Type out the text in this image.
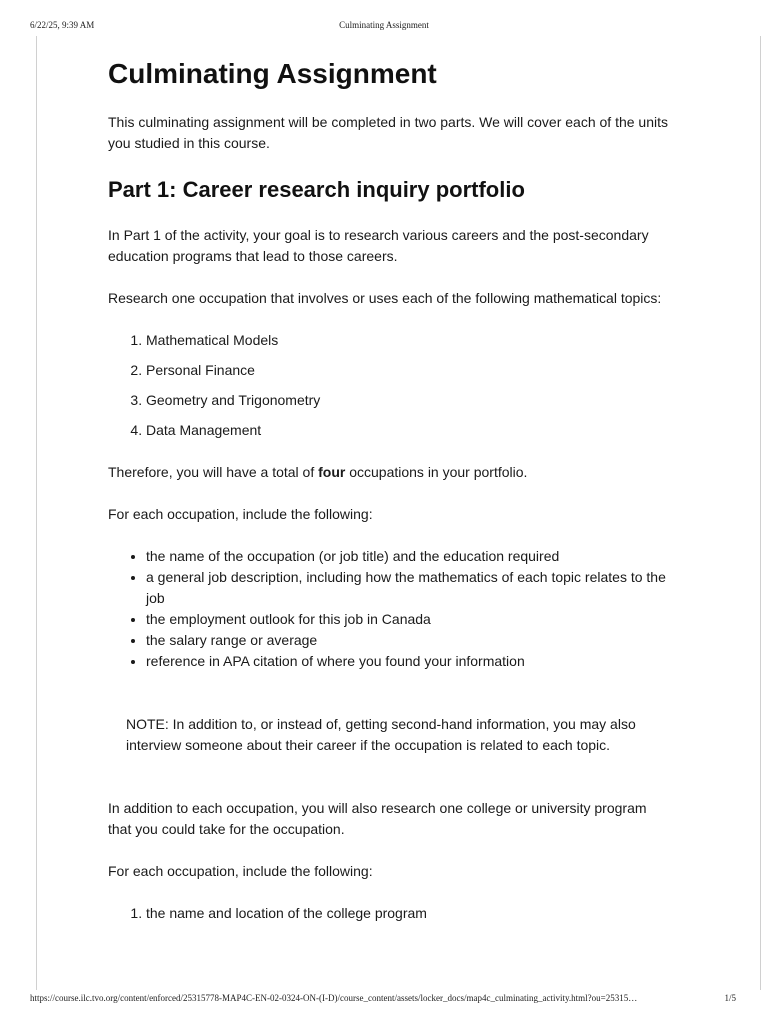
6/22/25, 9:39 AM	Culminating Assignment
Culminating Assignment

This culminating assignment will be completed in two parts. We will cover each of the units you studied in this course.

Part 1: Career research inquiry portfolio

In Part 1 of the activity, your goal is to research various careers and the post-secondary education programs that lead to those careers.

Research one occupation that involves or uses each of the following mathematical topics:

1. Mathematical Models
2. Personal Finance
3. Geometry and Trigonometry
4. Data Management

Therefore, you will have a total of four occupations in your portfolio.

For each occupation, include the following:

• the name of the occupation (or job title) and the education required
• a general job description, including how the mathematics of each topic relates to the job
• the employment outlook for this job in Canada
• the salary range or average
• reference in APA citation of where you found your information

NOTE: In addition to, or instead of, getting second-hand information, you may also interview someone about their career if the occupation is related to each topic.

In addition to each occupation, you will also research one college or university program that you could take for the occupation.

For each occupation, include the following:

1. the name and location of the college program
https://course.ilc.tvo.org/content/enforced/25315778-MAP4C-EN-02-0324-ON-(I-D)/course_content/assets/locker_docs/map4c_culminating_activity.html?ou=25315…	1/5
